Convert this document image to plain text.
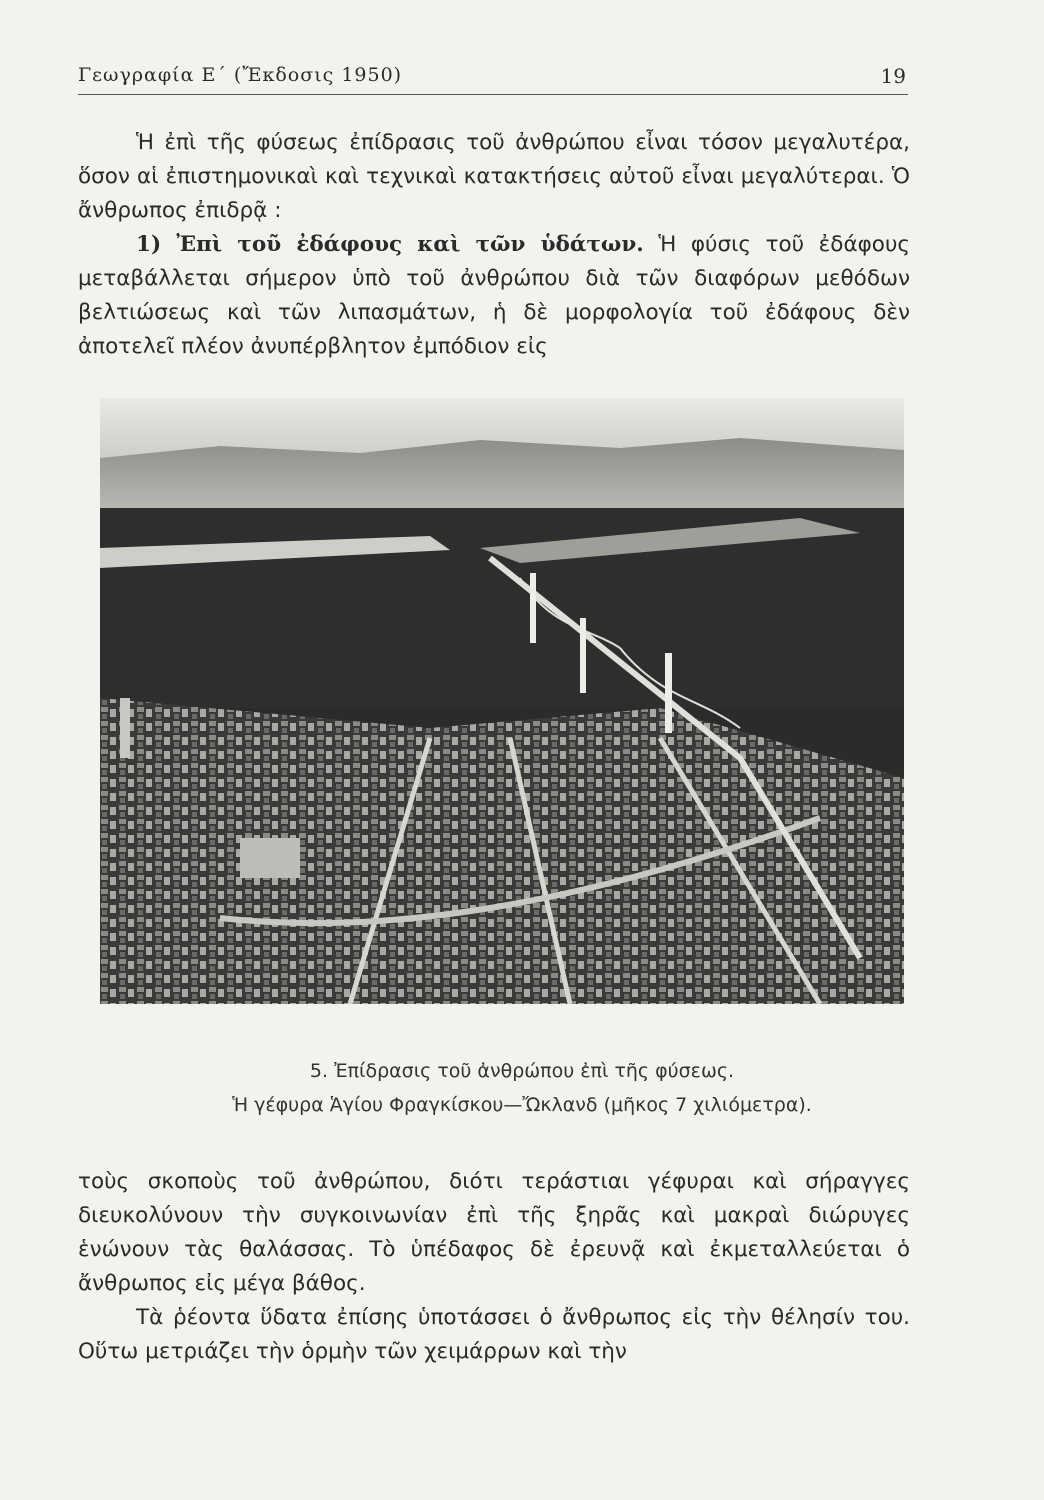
Γεωγραφία Ε΄ (Ἔκδοσις 1950)	19

Ἡ ἐπὶ τῆς φύσεως ἐπίδρασις τοῦ ἀνθρώπου εἶναι τόσον μεγαλυτέρα, ὅσον αἱ ἐπιστημονικαὶ καὶ τεχνικαὶ κατακτήσεις αὐτοῦ εἶναι μεγαλύτεραι. Ὁ ἄνθρωπος ἐπιδρᾷ :

1) Ἐπὶ τοῦ ἐδάφους καὶ τῶν ὑδάτων. Ἡ φύσις τοῦ ἐδάφους μεταβάλλεται σήμερον ὑπὸ τοῦ ἀνθρώπου διὰ τῶν διαφόρων μεθόδων βελτιώσεως καὶ τῶν λιπασμάτων, ἡ δὲ μορφολογία τοῦ ἐδάφους δὲν ἀποτελεῖ πλέον ἀνυπέρβλητον ἐμπόδιον εἰς

5. Ἐπίδρασις τοῦ ἀνθρώπου ἐπὶ τῆς φύσεως.
Ἡ γέφυρα Ἁγίου Φραγκίσκου—Ὤκλανδ (μῆκος 7 χιλιόμετρα).

τοὺς σκοποὺς τοῦ ἀνθρώπου, διότι τεράστιαι γέφυραι καὶ σήραγγες διευκολύνουν τὴν συγκοινωνίαν ἐπὶ τῆς ξηρᾶς καὶ μακραὶ διώρυγες ἑνώνουν τὰς θαλάσσας. Τὸ ὑπέδαφος δὲ ἐρευνᾷ καὶ ἐκμεταλλεύεται ὁ ἄνθρωπος εἰς μέγα βάθος.

Τὰ ῥέοντα ὕδατα ἐπίσης ὑποτάσσει ὁ ἄνθρωπος εἰς τὴν θέλησίν του. Οὕτω μετριάζει τὴν ὁρμὴν τῶν χειμάρρων καὶ τὴν
